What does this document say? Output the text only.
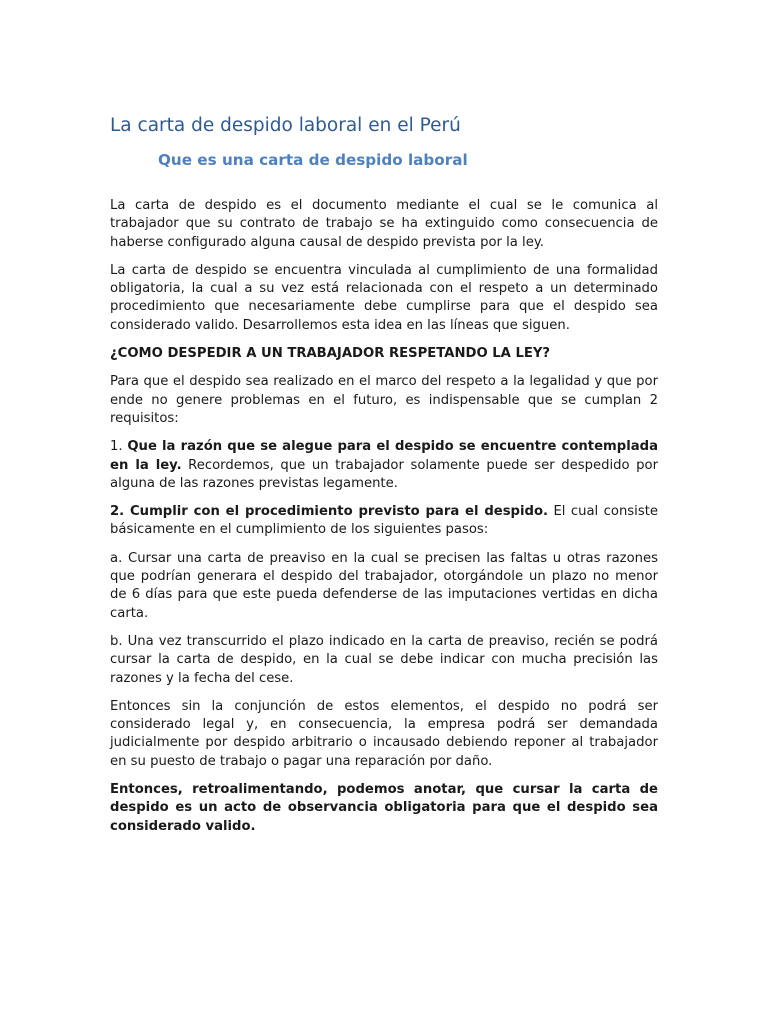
La carta de despido laboral en el Perú
Que es una carta de despido laboral

La carta de despido es el documento mediante el cual se le comunica al trabajador que su contrato de trabajo se ha extinguido como consecuencia de haberse configurado alguna causal de despido prevista por la ley.

La carta de despido se encuentra vinculada al cumplimiento de una formalidad obligatoria, la cual a su vez está relacionada con el respeto a un determinado procedimiento que necesariamente debe cumplirse para que el despido sea considerado valido. Desarrollemos esta idea en las líneas que siguen.

¿COMO DESPEDIR A UN TRABAJADOR RESPETANDO LA LEY?

Para que el despido sea realizado en el marco del respeto a la legalidad y que por ende no genere problemas en el futuro, es indispensable que se cumplan 2 requisitos:

1. Que la razón que se alegue para el despido se encuentre contemplada en la ley. Recordemos, que un trabajador solamente puede ser despedido por alguna de las razones previstas legamente.

2. Cumplir con el procedimiento previsto para el despido. El cual consiste básicamente en el cumplimiento de los siguientes pasos:

a. Cursar una carta de preaviso en la cual se precisen las faltas u otras razones que podrían generara el despido del trabajador, otorgándole un plazo no menor de 6 días para que este pueda defenderse de las imputaciones vertidas en dicha carta.

b. Una vez transcurrido el plazo indicado en la carta de preaviso, recién se podrá cursar la carta de despido, en la cual se debe indicar con mucha precisión las razones y la fecha del cese.

Entonces sin la conjunción de estos elementos, el despido no podrá ser considerado legal y, en consecuencia, la empresa podrá ser demandada judicialmente por despido arbitrario o incausado debiendo reponer al trabajador en su puesto de trabajo o pagar una reparación por daño.

Entonces, retroalimentando, podemos anotar, que cursar la carta de despido es un acto de observancia obligatoria para que el despido sea considerado valido.
